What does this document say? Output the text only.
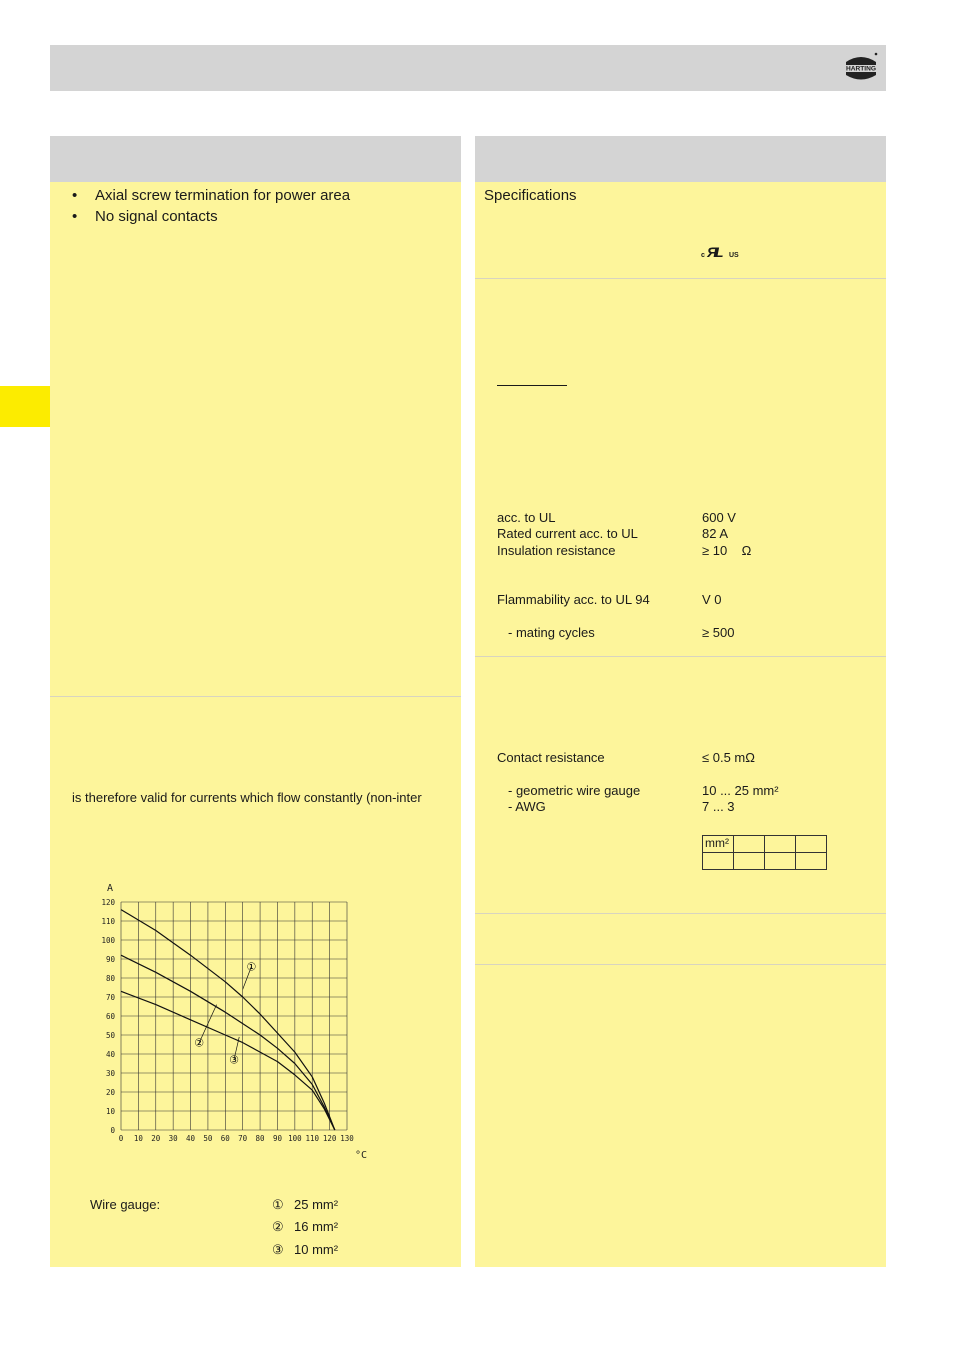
HARTING
• Axial screw termination for power area
• No signal contacts
is therefore valid for currents which flow constantly (non-inter
0 10 20 30 40 50 60 70 80 90 100 110 120 130
0
10
20
30
40
50
60
70
80
90
100
110
120
A
°C
①
②
③
Wire gauge:	① 25 mm²
② 16 mm²
③ 10 mm²
Specifications
c Я
L US
acc. to UL	600 V
Rated current acc. to UL	82 A
Insulation resistance	≥ 10    Ω
Flammability acc. to UL 94	V 0
- mating cycles	≥ 500
Contact resistance	≤ 0.5 mΩ
- geometric wire gauge	10 ... 25 mm²
- AWG	7 ... 3
mm²			
